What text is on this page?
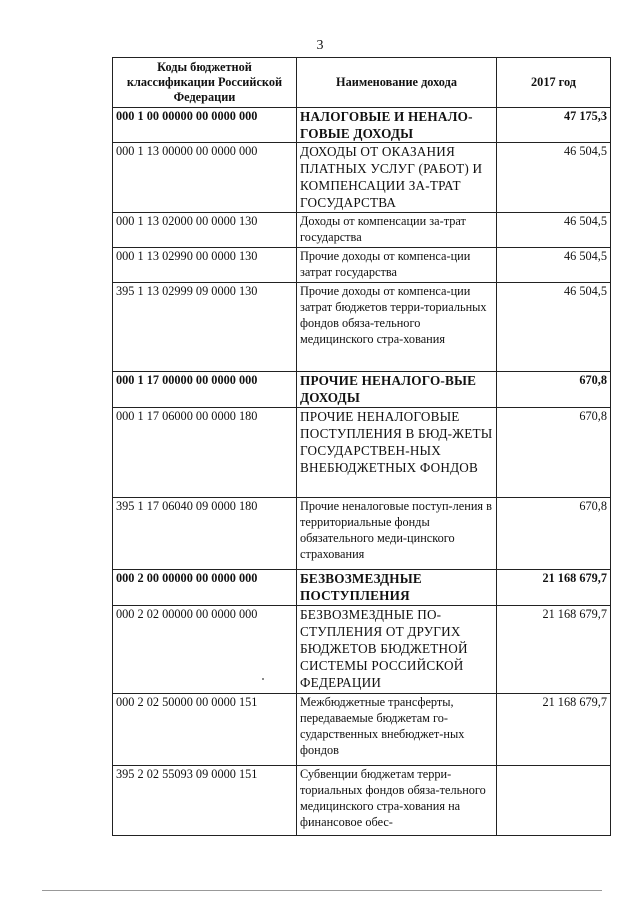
3
Коды бюджетной классификации Российской Федерации	Наименование дохода	2017 год
000 1 00 00000 00 0000 000	НАЛОГОВЫЕ И НЕНАЛО-ГОВЫЕ ДОХОДЫ	47 175,3
000 1 13 00000 00 0000 000	ДОХОДЫ ОТ ОКАЗАНИЯ ПЛАТНЫХ УСЛУГ (РАБОТ) И КОМПЕНСАЦИИ ЗА-ТРАТ ГОСУДАРСТВА	46 504,5
000 1 13 02000 00 0000 130	Доходы от компенсации за-трат государства	46 504,5
000 1 13 02990 00 0000 130	Прочие доходы от компенса-ции затрат государства	46 504,5
395 1 13 02999 09 0000 130	Прочие доходы от компенса-ции затрат бюджетов терри-ториальных фондов обяза-тельного медицинского стра-хования	46 504,5
000 1 17 00000 00 0000 000	ПРОЧИЕ НЕНАЛОГО-ВЫЕ ДОХОДЫ	670,8
000 1 17 06000 00 0000 180	ПРОЧИЕ НЕНАЛОГОВЫЕ ПОСТУПЛЕНИЯ В БЮД-ЖЕТЫ ГОСУДАРСТВЕН-НЫХ ВНЕБЮДЖЕТНЫХ ФОНДОВ	670,8
395 1 17 06040 09 0000 180	Прочие неналоговые поступ-ления в территориальные фонды обязательного меди-цинского страхования	670,8
000 2 00 00000 00 0000 000	БЕЗВОЗМЕЗДНЫЕ ПОСТУПЛЕНИЯ	21 168 679,7
000 2 02 00000 00 0000 000	БЕЗВОЗМЕЗДНЫЕ ПО-СТУПЛЕНИЯ ОТ ДРУГИХ БЮДЖЕТОВ БЮДЖЕТНОЙ СИСТЕМЫ РОССИЙСКОЙ ФЕДЕРАЦИИ	21 168 679,7
000 2 02 50000 00 0000 151	Межбюджетные трансферты, передаваемые бюджетам го-сударственных внебюджет-ных фондов	21 168 679,7
395 2 02 55093 09 0000 151	Субвенции бюджетам терри-ториальных фондов обяза-тельного медицинского стра-хования на финансовое обес-	
